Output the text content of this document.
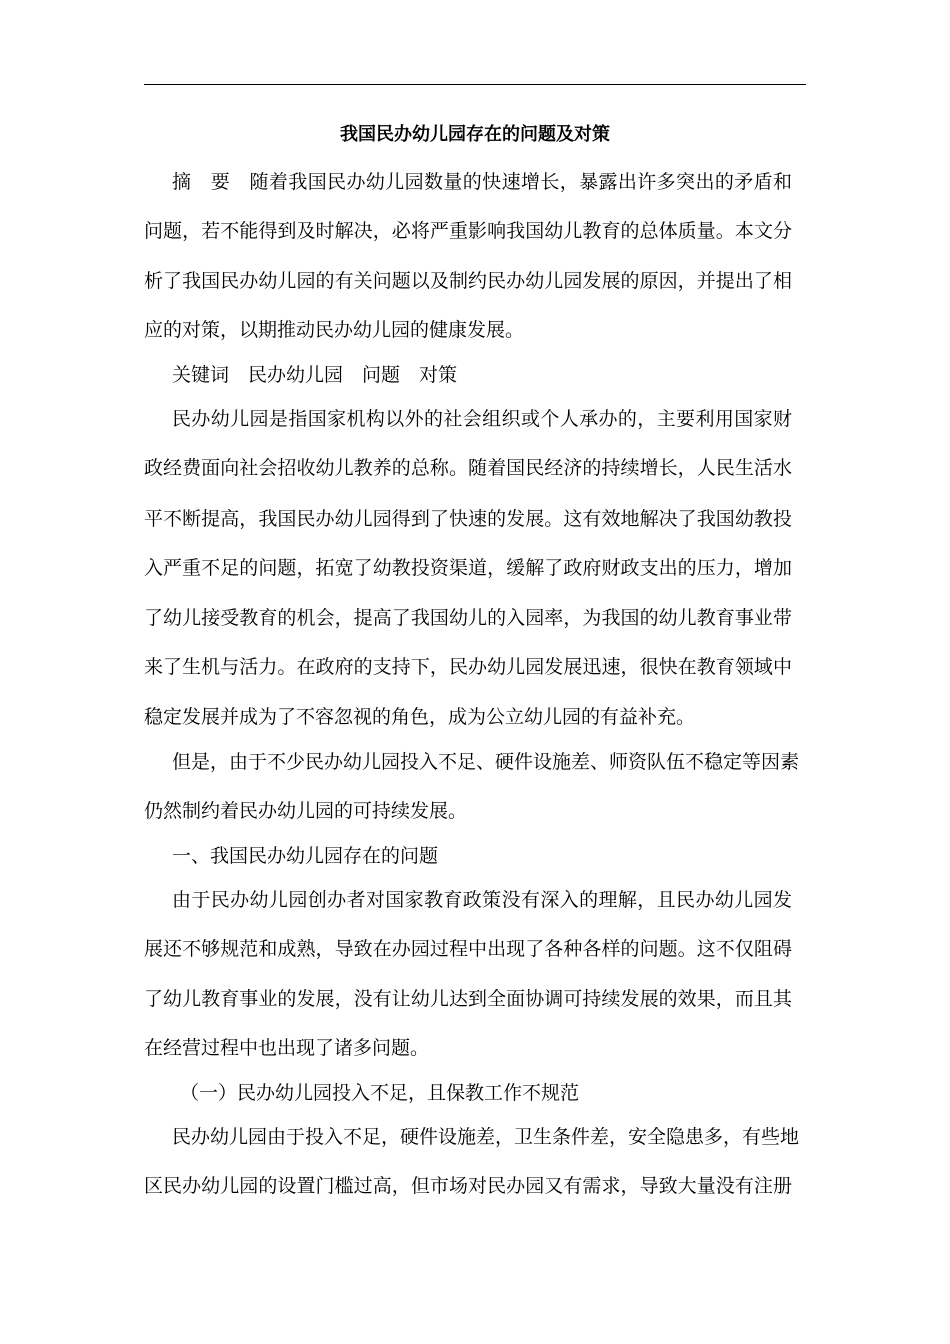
我国民办幼儿园存在的问题及对策
摘　要　随着我国民办幼儿园数量的快速增长，暴露出许多突出的矛盾和
问题，若不能得到及时解决，必将严重影响我国幼儿教育的总体质量。本文分
析了我国民办幼儿园的有关问题以及制约民办幼儿园发展的原因，并提出了相
应的对策，以期推动民办幼儿园的健康发展。
关键词　民办幼儿园　问题　对策
民办幼儿园是指国家机构以外的社会组织或个人承办的，主要利用国家财
政经费面向社会招收幼儿教养的总称。随着国民经济的持续增长，人民生活水
平不断提高，我国民办幼儿园得到了快速的发展。这有效地解决了我国幼教投
入严重不足的问题，拓宽了幼教投资渠道，缓解了政府财政支出的压力，增加
了幼儿接受教育的机会，提高了我国幼儿的入园率，为我国的幼儿教育事业带
来了生机与活力。在政府的支持下，民办幼儿园发展迅速，很快在教育领域中
稳定发展并成为了不容忽视的角色，成为公立幼儿园的有益补充。
但是，由于不少民办幼儿园投入不足、硬件设施差、师资队伍不稳定等因素
仍然制约着民办幼儿园的可持续发展。
一、我国民办幼儿园存在的问题
由于民办幼儿园创办者对国家教育政策没有深入的理解，且民办幼儿园发
展还不够规范和成熟，导致在办园过程中出现了各种各样的问题。这不仅阻碍
了幼儿教育事业的发展，没有让幼儿达到全面协调可持续发展的效果，而且其
在经营过程中也出现了诸多问题。
（一）民办幼儿园投入不足，且保教工作不规范
民办幼儿园由于投入不足，硬件设施差，卫生条件差，安全隐患多，有些地
区民办幼儿园的设置门槛过高，但市场对民办园又有需求，导致大量没有注册
